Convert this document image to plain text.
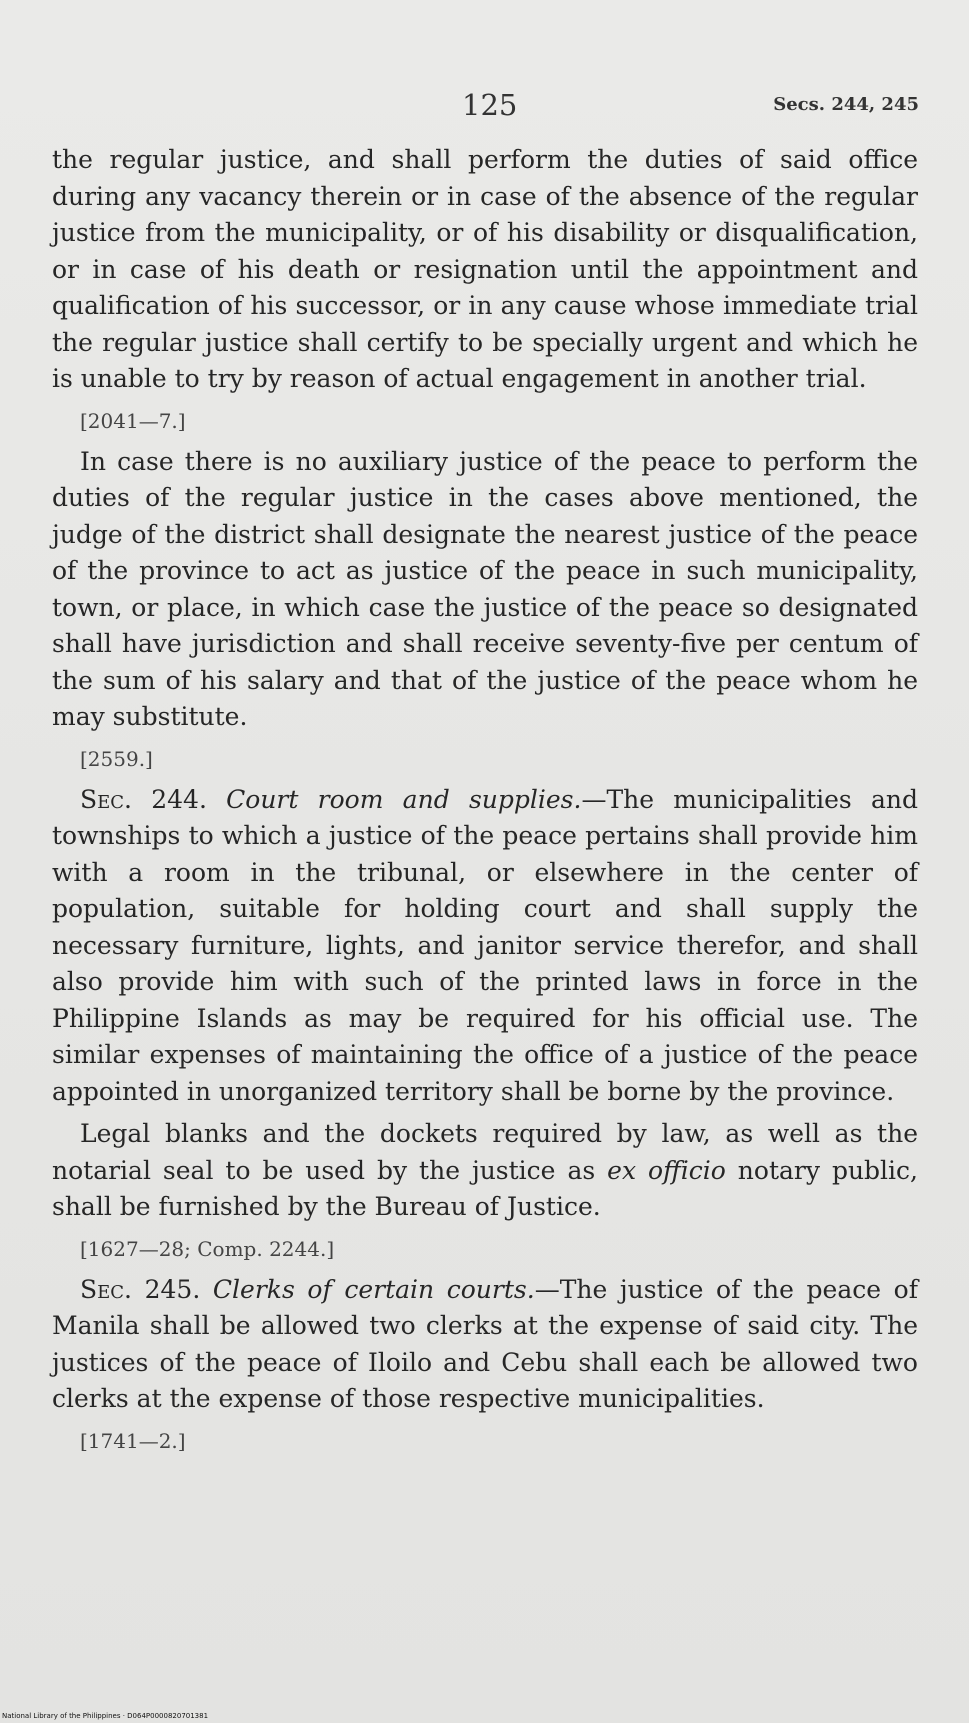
125	Secs. 244, 245

the regular justice, and shall perform the duties of said office during any vacancy therein or in case of the absence of the regular justice from the municipality, or of his disability or disqualification, or in case of his death or resignation until the appointment and qualification of his successor, or in any cause whose immediate trial the regular justice shall certify to be specially urgent and which he is unable to try by reason of actual engagement in another trial.

[2041—7.]

In case there is no auxiliary justice of the peace to perform the duties of the regular justice in the cases above mentioned, the judge of the district shall designate the nearest justice of the peace of the province to act as justice of the peace in such municipality, town, or place, in which case the justice of the peace so designated shall have jurisdiction and shall receive seventy-five per centum of the sum of his salary and that of the justice of the peace whom he may substitute.

[2559.]

Sec. 244. Court room and supplies.—The municipalities and townships to which a justice of the peace pertains shall provide him with a room in the tribunal, or elsewhere in the center of population, suitable for holding court and shall supply the necessary furniture, lights, and janitor service therefor, and shall also provide him with such of the printed laws in force in the Philippine Islands as may be required for his official use. The similar expenses of maintaining the office of a justice of the peace appointed in unorganized territory shall be borne by the province.

Legal blanks and the dockets required by law, as well as the notarial seal to be used by the justice as ex officio notary public, shall be furnished by the Bureau of Justice.

[1627—28; Comp. 2244.]

Sec. 245. Clerks of certain courts.—The justice of the peace of Manila shall be allowed two clerks at the expense of said city. The justices of the peace of Iloilo and Cebu shall each be allowed two clerks at the expense of those respective municipalities.

[1741—2.]

National Library of the Philippines · D064P0000820701381
